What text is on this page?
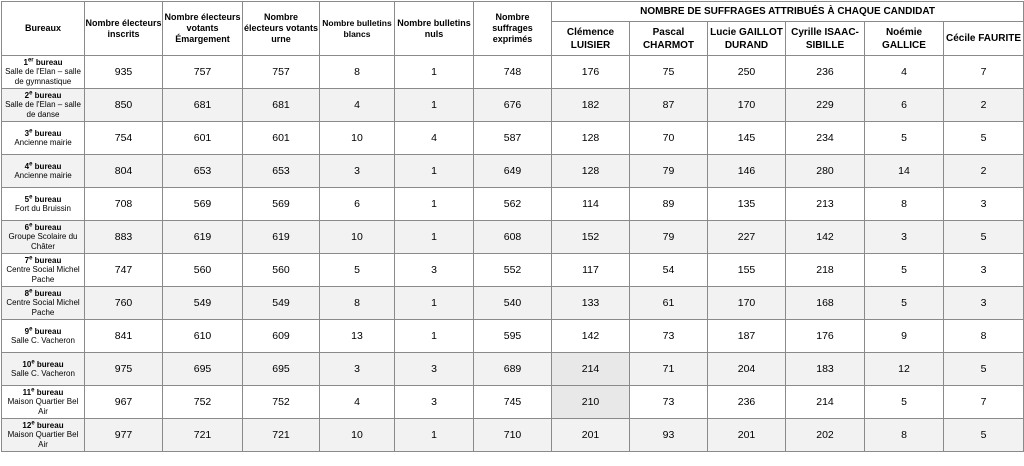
Bureaux	Nombre électeurs inscrits	Nombre électeurs votants Émargement	Nombre électeurs votants urne	Nombre bulletins blancs	Nombre bulletins nuls	Nombre suffrages exprimés	NOMBRE DE SUFFRAGES ATTRIBUÉS À CHAQUE CANDIDAT					
							Clémence LUISIER	Pascal CHARMOT	Lucie GAILLOT DURAND	Cyrille ISAAC-SIBILLE	Noémie GALLICE	Cécile FAURITE

1er bureau
Salle de l'Elan – salle de gymnastique	935	757	757	8	1	748	176	75	250	236	4	7

2e bureau
Salle de l'Elan – salle de danse	850	681	681	4	1	676	182	87	170	229	6	2

3e bureau
Ancienne mairie	754	601	601	10	4	587	128	70	145	234	5	5

4e bureau
Ancienne mairie	804	653	653	3	1	649	128	79	146	280	14	2

5e bureau
Fort du Bruissin	708	569	569	6	1	562	114	89	135	213	8	3

6e bureau
Groupe Scolaire du Châter	883	619	619	10	1	608	152	79	227	142	3	5

7e bureau
Centre Social Michel Pache	747	560	560	5	3	552	117	54	155	218	5	3

8e bureau
Centre Social Michel Pache	760	549	549	8	1	540	133	61	170	168	5	3

9e bureau
Salle C. Vacheron	841	610	609	13	1	595	142	73	187	176	9	8

10e bureau
Salle C. Vacheron	975	695	695	3	3	689	214	71	204	183	12	5

11e bureau
Maison Quartier Bel Air	967	752	752	4	3	745	210	73	236	214	5	7

12e bureau
Maison Quartier Bel Air	977	721	721	10	1	710	201	93	201	202	8	5
